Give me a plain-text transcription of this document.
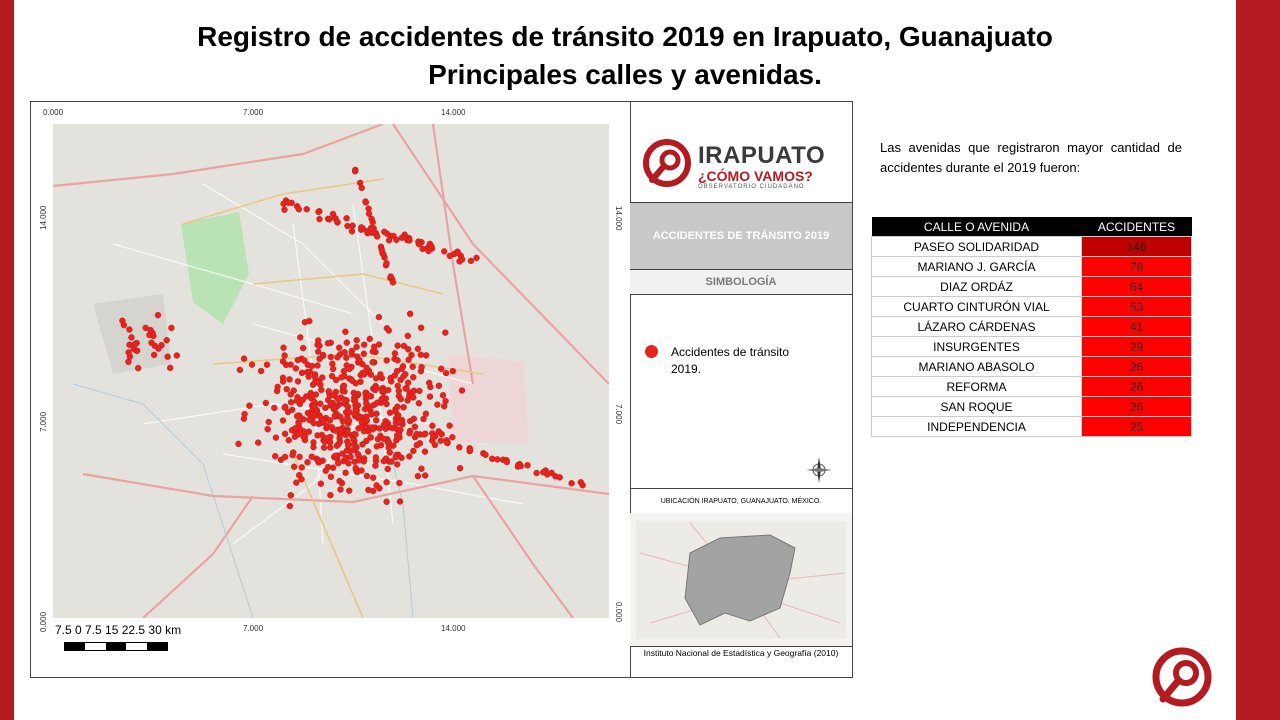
Registro de accidentes de tránsito 2019 en Irapuato, Guanajuato
Principales calles y avenidas.
0.000	7.000	14.000
7.000	14.000
14.000
7.000
0.000
14.000
7.000
0.000
7.5 0 7.5 15 22.5 30 km
IRAPUATO
¿CÓMO VAMOS?
OBSERVATORIO CIUDADANO
ACCIDENTES DE TRÁNSITO 2019
SIMBOLOGÍA
Accidentes de tránsito 2019.
UBICACIÓN IRAPUATO, GUANAJUATO. MÉXICO.
Instituto Nacional de Estadística y Geografía (2010)
Las avenidas que registraron mayor cantidad de accidentes durante el 2019 fueron:
CALLE O AVENIDA	ACCIDENTES
PASEO SOLIDARIDAD	146
MARIANO J. GARCÍA	78
DIAZ ORDÁZ	64
CUARTO CINTURÓN VIAL	53
LÁZARO CÁRDENAS	41
INSURGENTES	29
MARIANO ABASOLO	26
REFORMA	26
SAN ROQUE	26
INDEPENDENCIA	25
